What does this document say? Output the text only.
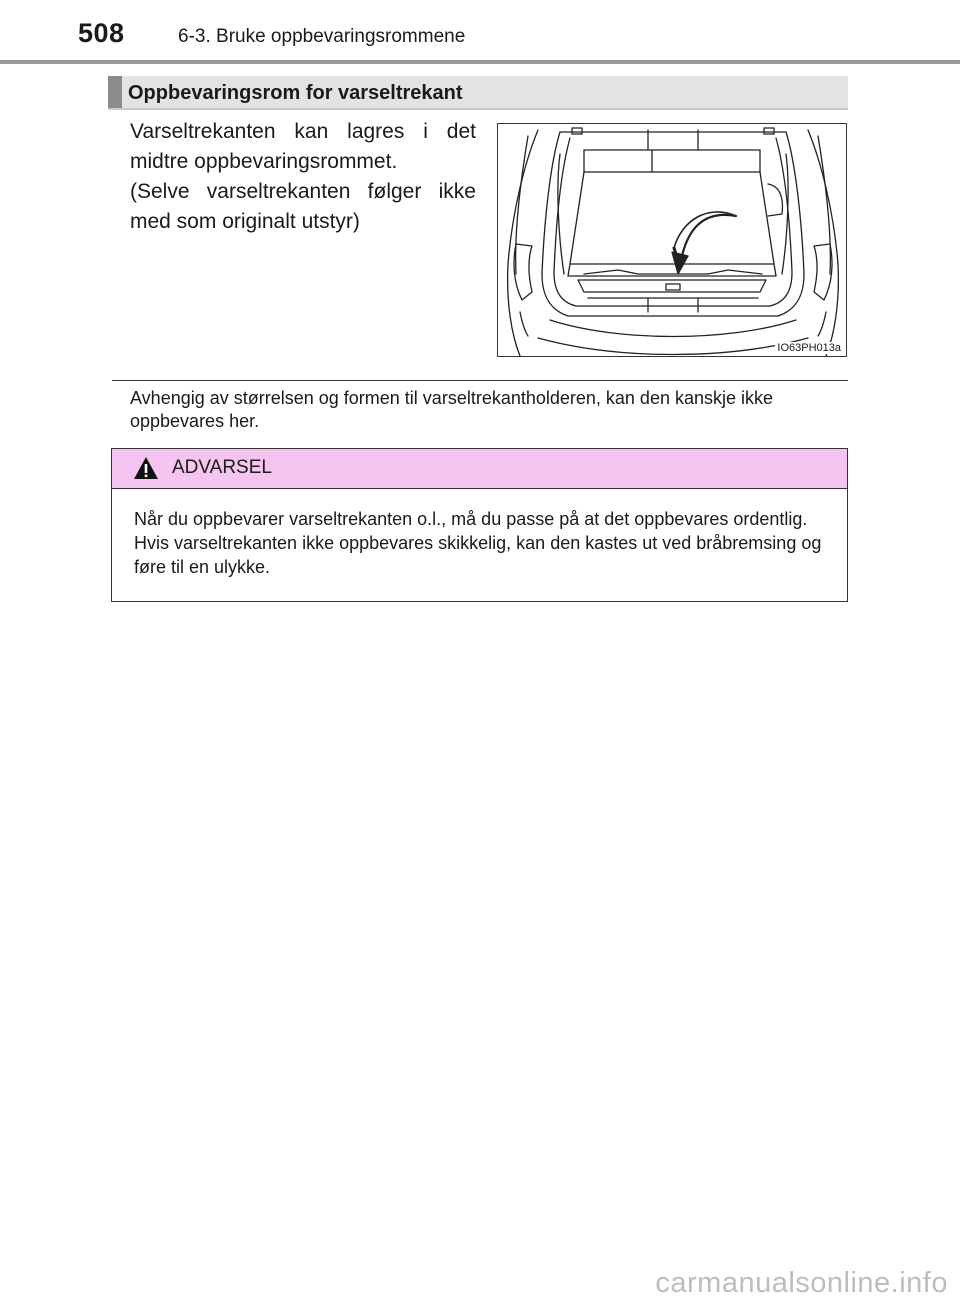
508	6-3. Bruke oppbevaringsrommene
Oppbevaringsrom for varseltrekant

Varseltrekanten kan lagres i det midtre oppbevaringsrommet.

(Selve varseltrekanten følger ikke med som originalt utstyr)

IO63PH013a
Avhengig av størrelsen og formen til varseltrekantholderen, kan den kanskje ikke oppbevares her.
ADVARSEL
Når du oppbevarer varseltrekanten o.l., må du passe på at det oppbevares ordentlig. Hvis varseltrekanten ikke oppbevares skikkelig, kan den kastes ut ved bråbremsing og føre til en ulykke.
carmanualsonline.info
